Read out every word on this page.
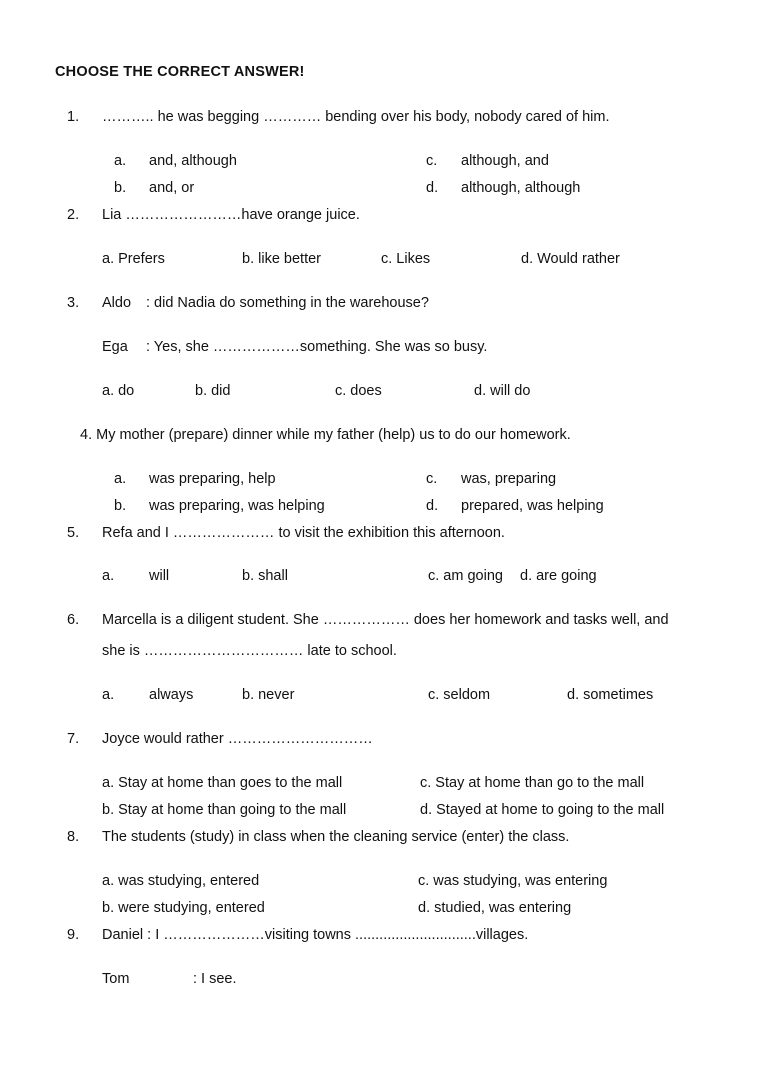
CHOOSE THE CORRECT ANSWER!
1. ……….. he was begging ………… bending over his body, nobody cared of him.
a. and, although	c. although, and
b. and, or	d. although, although
2. Lia ……………………have orange juice.
a. Prefers	b. like better	c. Likes	d. Would rather
3. Aldo : did Nadia do something in the warehouse?
Ega : Yes, she ………………something. She was so busy.
a. do	b. did	c. does	d. will do
4. My mother (prepare) dinner while my father (help) us to do our homework.
a. was preparing, help	c. was, preparing
b. was preparing, was helping	d. prepared, was helping
5. Refa and I ………………… to visit the exhibition this afternoon.
a. will	b. shall	c. am going d. are going
6. Marcella is a diligent student. She ……………… does her homework and tasks well, and
she is …………………………… late to school.
a. always	b. never	c. seldom	d. sometimes
7. Joyce would rather …………………………
a. Stay at home than goes to the mall	c. Stay at home than go to the mall
b. Stay at home than going to the mall	d. Stayed at home to going to the mall
8. The students (study) in class when the cleaning service (enter) the class.
a. was studying, entered	c. was studying, was entering
b. were studying, entered	d. studied, was entering
9. Daniel : I …………………visiting towns ..............................villages.
Tom	: I see.
